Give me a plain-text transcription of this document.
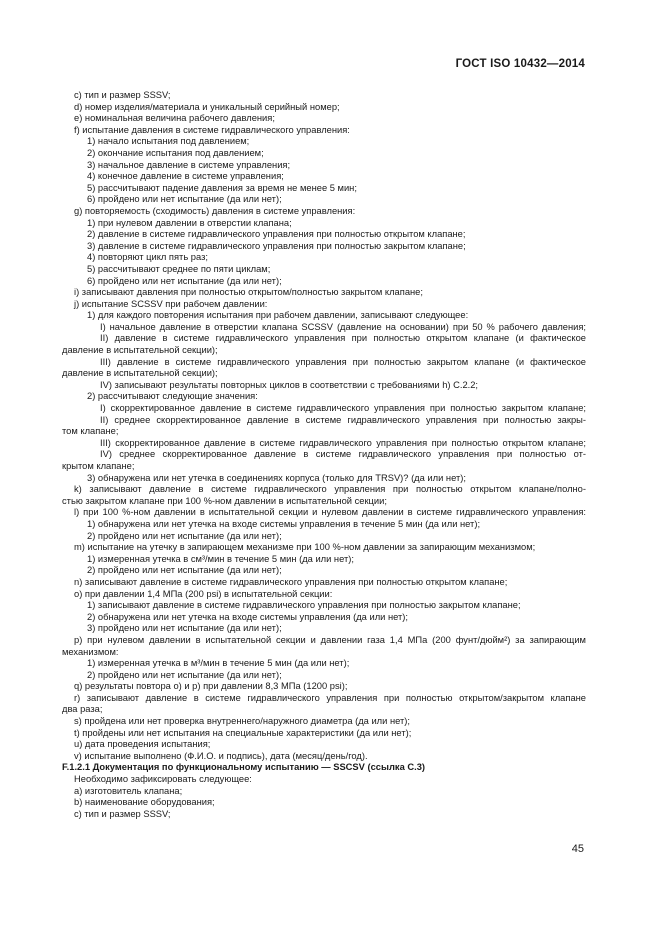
ГОСТ ISO 10432—2014
c) тип и размер SSSV;
d) номер изделия/материала и уникальный серийный номер;
e) номинальная величина рабочего давления;
f) испытание давления в системе гидравлического управления:
1) начало испытания под давлением;
2) окончание испытания под давлением;
3) начальное давление в системе управления;
4) конечное давление в системе управления;
5) рассчитывают падение давления за время не менее 5 мин;
6) пройдено или нет испытание (да или нет);
g) повторяемость (сходимость) давления в системе управления:
1) при нулевом давлении в отверстии клапана;
2) давление в системе гидравлического управления при полностью открытом клапане;
3) давление в системе гидравлического управления при полностью закрытом клапане;
4) повторяют цикл пять раз;
5) рассчитывают среднее по пяти циклам;
6) пройдено или нет испытание (да или нет);
i) записывают давления при полностью открытом/полностью закрытом клапане;
j) испытание SCSSV при рабочем давлении:
1) для каждого повторения испытания при рабочем давлении, записывают следующее:
I) начальное давление в отверстии клапана SCSSV (давление на основании) при 50 % рабочего давления;
II) давление в системе гидравлического управления при полностью открытом клапане (и фактическое
давление в испытательной секции);
III) давление в системе гидравлического управления при полностью закрытом клапане (и фактическое
давление в испытательной секции);
IV) записывают результаты повторных циклов в соответствии с требованиями h) С.2.2;
2) рассчитывают следующие значения:
I) скорректированное давление в системе гидравлического управления при полностью закрытом клапане;
II) среднее скорректированное давление в системе гидравлического управления при полностью закры-
том клапане;
III) скорректированное давление в системе гидравлического управления при полностью открытом клапане;
IV) среднее скорректированное давление в системе гидравлического управления при полностью от-
крытом клапане;
3) обнаружена или нет утечка в соединениях корпуса (только для TRSV)? (да или нет);
k) записывают давление в системе гидравлического управления при полностью открытом клапане/полно-
стью закрытом клапане при 100 %-ном давлении в испытательной секции;
l) при 100 %-ном давлении в испытательной секции и нулевом давлении в системе гидравлического управления:
1) обнаружена или нет утечка на входе системы управления в течение 5 мин (да или нет);
2) пройдено или нет испытание (да или нет);
m) испытание на утечку в запирающем механизме при 100 %-ном давлении за запирающим механизмом;
1) измеренная утечка в см³/мин в течение 5 мин (да или нет);
2) пройдено или нет испытание (да или нет);
n) записывают давление в системе гидравлического управления при полностью открытом клапане;
o) при давлении 1,4 МПа (200 psi) в испытательной секции:
1) записывают давление в системе гидравлического управления при полностью закрытом клапане;
2) обнаружена или нет утечка на входе системы управления (да или нет);
3) пройдено или нет испытание (да или нет);
p) при нулевом давлении в испытательной секции и давлении газа 1,4 МПа (200 фунт/дюйм²) за запирающим
механизмом:
1) измеренная утечка в м³/мин в течение 5 мин (да или нет);
2) пройдено или нет испытание (да или нет);
q) результаты повтора o) и p) при давлении 8,3 МПа (1200 psi);
r) записывают давление в системе гидравлического управления при полностью открытом/закрытом клапане
два раза;
s) пройдена или нет проверка внутреннего/наружного диаметра (да или нет);
t) пройдены или нет испытания на специальные характеристики (да или нет);
u) дата проведения испытания;
v) испытание выполнено (Ф.И.О. и подпись), дата (месяц/день/год).
F.1.2.1 Документация по функциональному испытанию — SSCSV (ссылка С.3)
Необходимо зафиксировать следующее:
a) изготовитель клапана;
b) наименование оборудования;
c) тип и размер SSSV;
45
